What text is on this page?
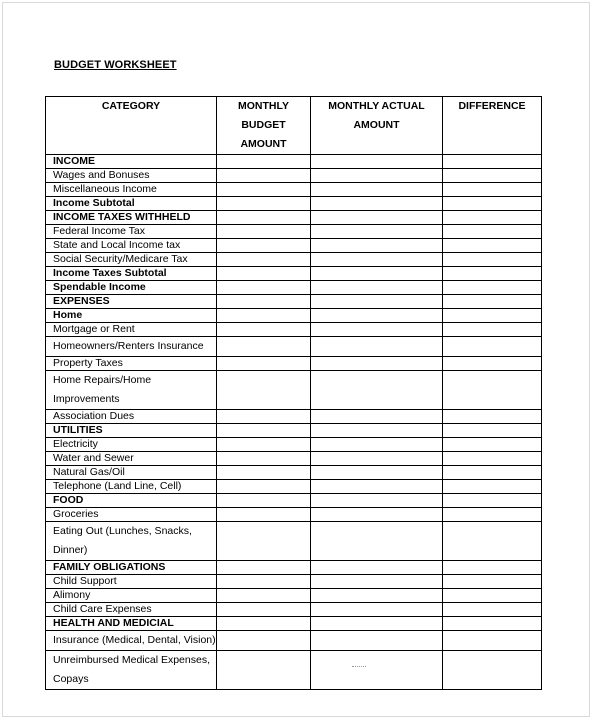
BUDGET WORKSHEET
CATEGORY	MONTHLY BUDGET AMOUNT	MONTHLY ACTUAL AMOUNT	DIFFERENCE
INCOME			
Wages and Bonuses			
Miscellaneous Income			
Income Subtotal			
INCOME TAXES WITHHELD			
Federal Income Tax			
State and Local Income tax			
Social Security/Medicare Tax			
Income Taxes Subtotal			
Spendable Income			
EXPENSES			
Home			
Mortgage or Rent			
Homeowners/Renters Insurance			
Property Taxes			
Home Repairs/Home Improvements			
Association Dues			
UTILITIES			
Electricity			
Water and Sewer			
Natural Gas/Oil			
Telephone (Land Line, Cell)			
FOOD			
Groceries			
Eating Out (Lunches, Snacks, Dinner)			
FAMILY OBLIGATIONS			
Child Support			
Alimony			
Child Care Expenses			
HEALTH AND MEDICIAL			
Insurance (Medical, Dental, Vision)			
Unreimbursed Medical Expenses, Copays			
